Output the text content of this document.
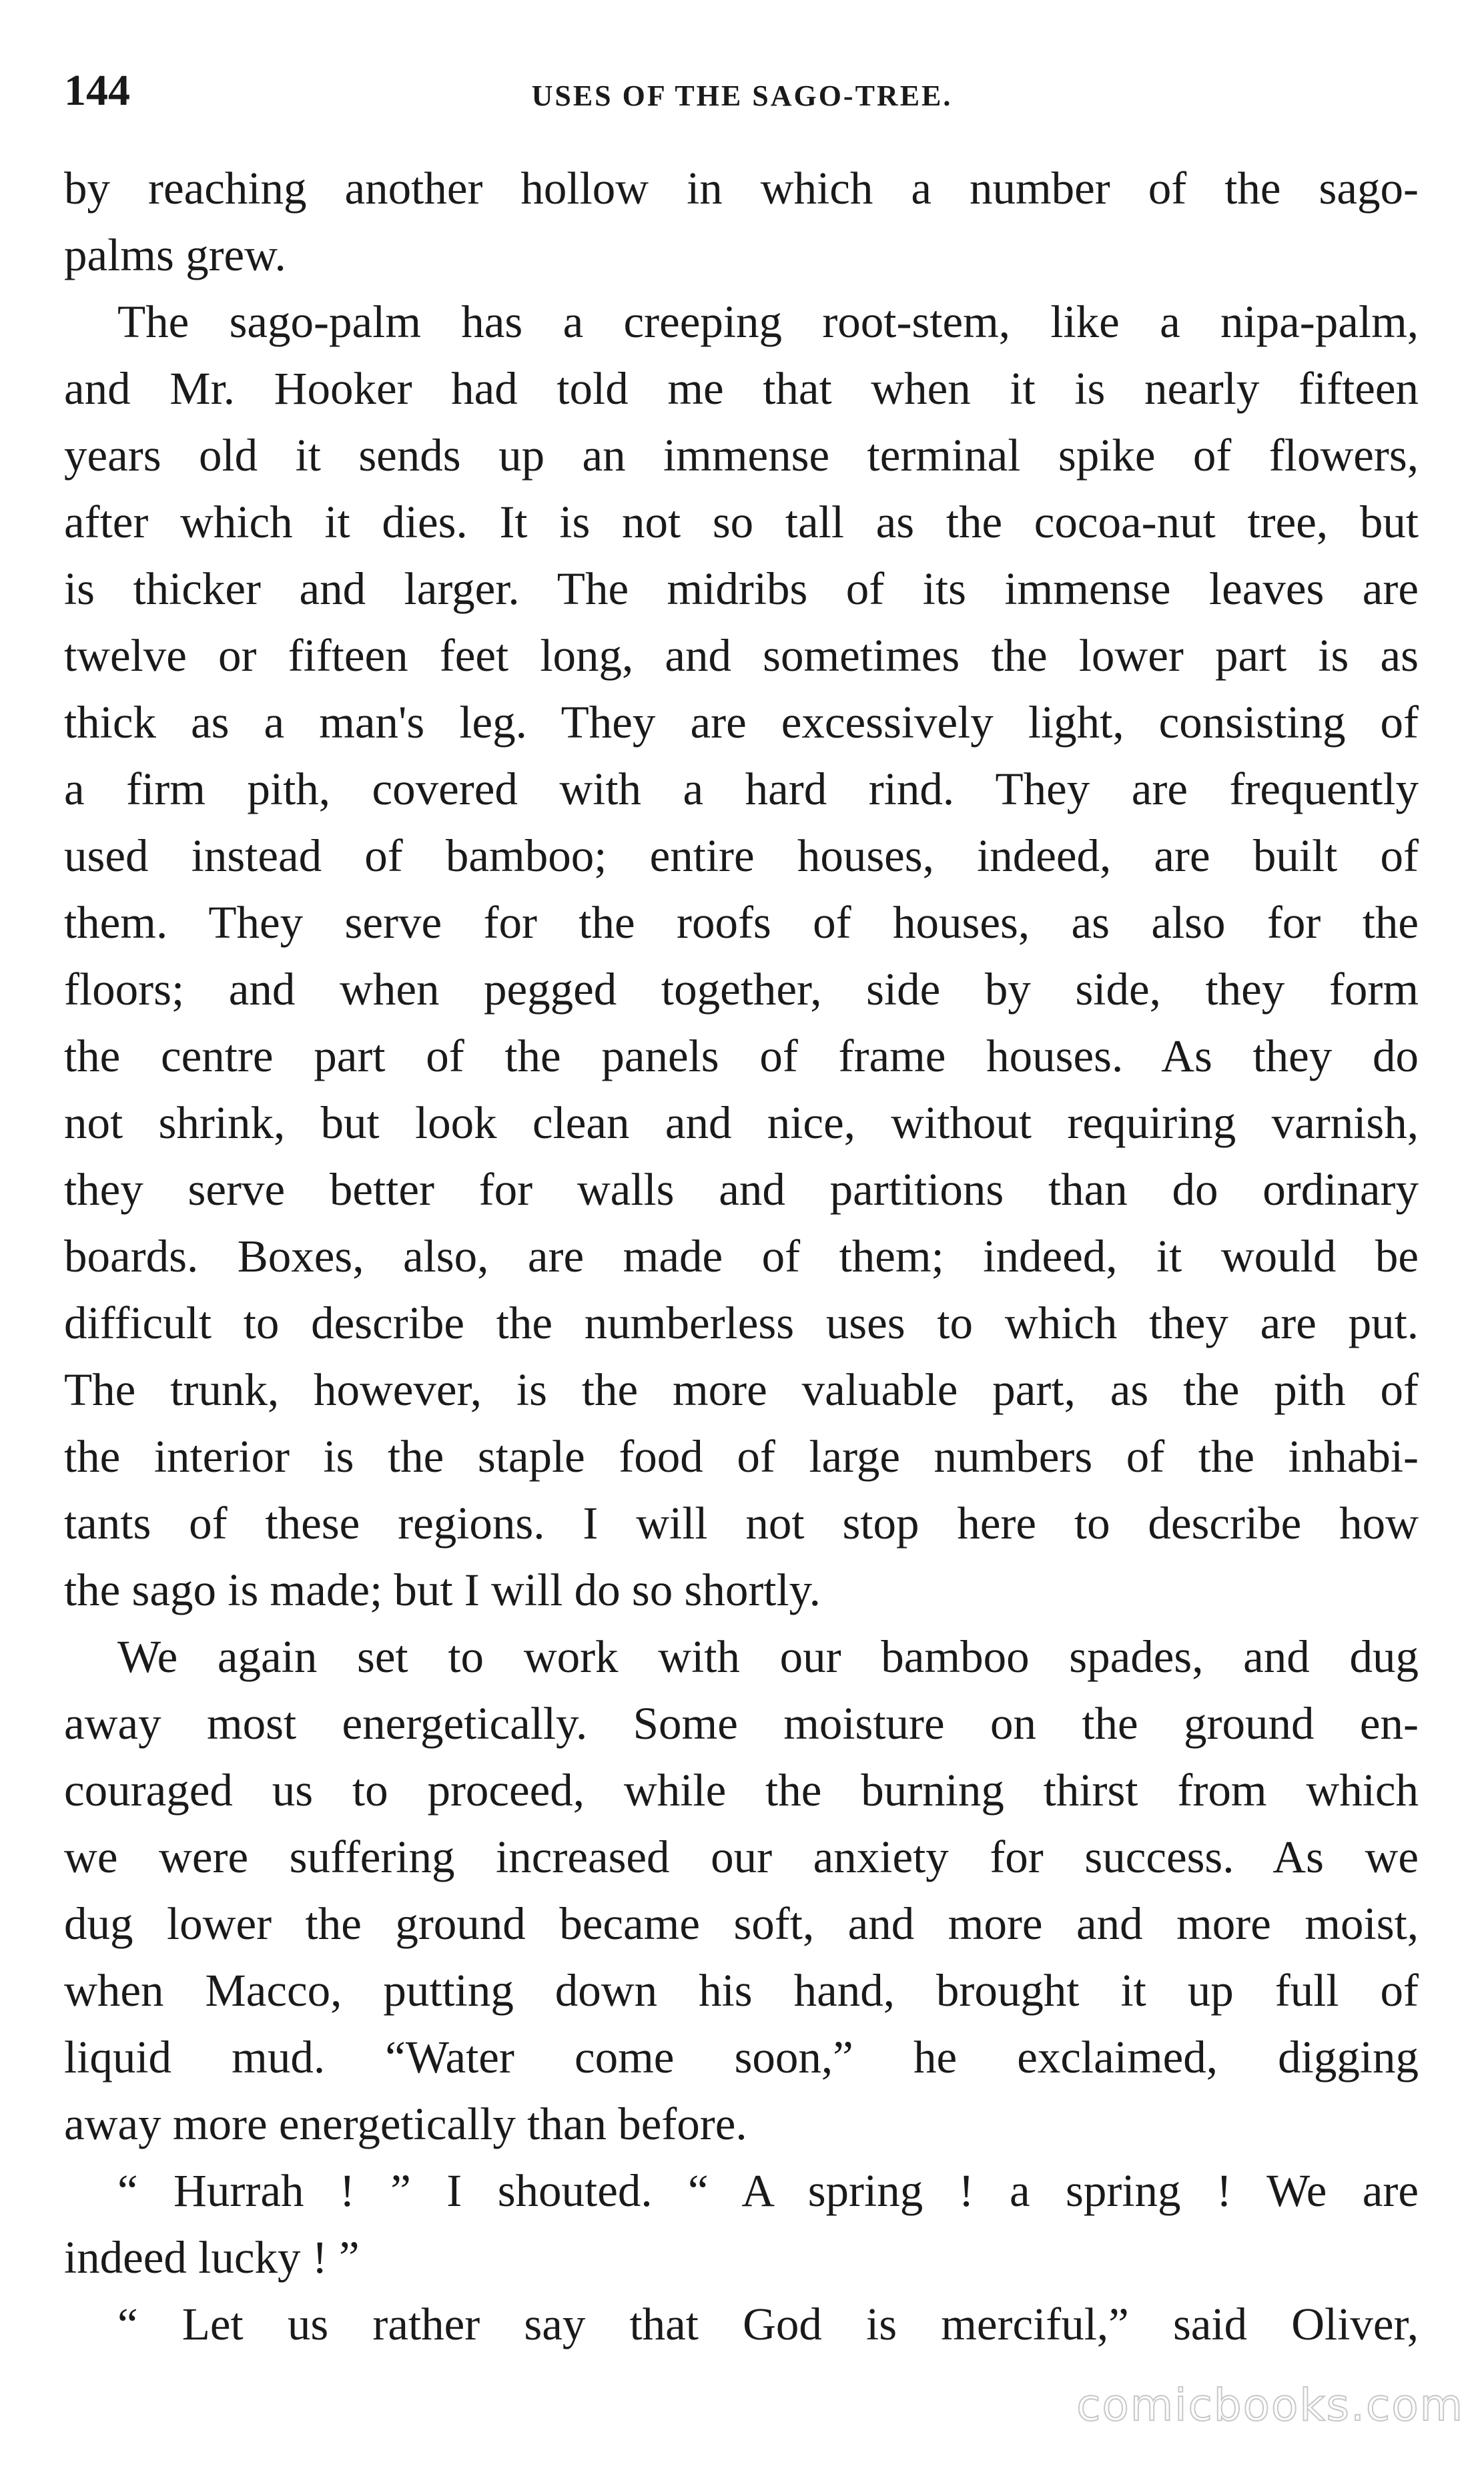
144	USES OF THE SAGO-TREE.
by reaching another hollow in which a number of the sago-
palms grew.
The sago-palm has a creeping root-stem, like a nipa-palm,
and Mr. Hooker had told me that when it is nearly fifteen
years old it sends up an immense terminal spike of flowers,
after which it dies. It is not so tall as the cocoa-nut tree, but
is thicker and larger. The midribs of its immense leaves are
twelve or fifteen feet long, and sometimes the lower part is as
thick as a man's leg. They are excessively light, consisting of
a firm pith, covered with a hard rind. They are frequently
used instead of bamboo; entire houses, indeed, are built of
them. They serve for the roofs of houses, as also for the
floors; and when pegged together, side by side, they form
the centre part of the panels of frame houses. As they do
not shrink, but look clean and nice, without requiring varnish,
they serve better for walls and partitions than do ordinary
boards. Boxes, also, are made of them; indeed, it would be
difficult to describe the numberless uses to which they are put.
The trunk, however, is the more valuable part, as the pith of
the interior is the staple food of large numbers of the inhabi-
tants of these regions. I will not stop here to describe how
the sago is made; but I will do so shortly.
We again set to work with our bamboo spades, and dug
away most energetically. Some moisture on the ground en-
couraged us to proceed, while the burning thirst from which
we were suffering increased our anxiety for success. As we
dug lower the ground became soft, and more and more moist,
when Macco, putting down his hand, brought it up full of
liquid mud. “Water come soon,” he exclaimed, digging
away more energetically than before.
“ Hurrah ! ” I shouted. “ A spring ! a spring ! We are
indeed lucky ! ”
“ Let us rather say that God is merciful,” said Oliver,
comicbooks.com
